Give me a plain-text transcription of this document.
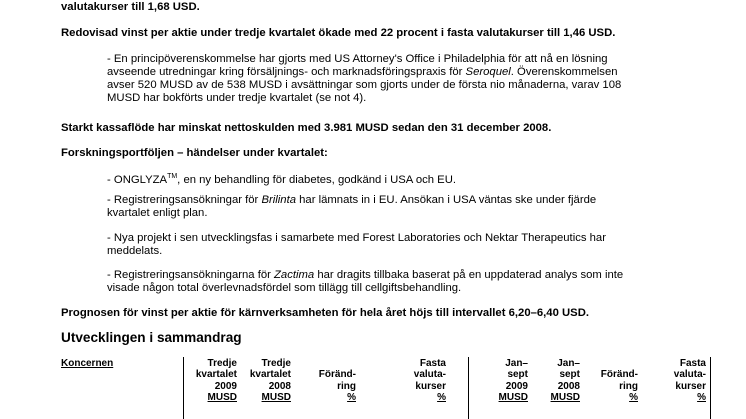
valutakurser till 1,68 USD.
Redovisad vinst per aktie under tredje kvartalet ökade med 22 procent i fasta valutakurser till 1,46 USD.
- En principöverenskommelse har gjorts med US Attorney's Office i Philadelphia för att nå en lösning
avseende utredningar kring försäljnings- och marknadsföringspraxis för Seroquel. Överenskommelsen
avser 520 MUSD av de 538 MUSD i avsättningar som gjorts under de första nio månaderna, varav 108
MUSD har bokförts under tredje kvartalet (se not 4).
Starkt kassaflöde har minskat nettoskulden med 3.981 MUSD sedan den 31 december 2008.
Forskningsportföljen – händelser under kvartalet:
- ONGLYZA™, en ny behandling för diabetes, godkänd i USA och EU.
- Registreringsansökningar för Brilinta har lämnats in i EU. Ansökan i USA väntas ske under fjärde
kvartalet enligt plan.
- Nya projekt i sen utvecklingsfas i samarbete med Forest Laboratories och Nektar Therapeutics har
meddelats.
- Registreringsansökningarna för Zactima har dragits tillbaka baserat på en uppdaterad analys som inte
visade någon total överlevnadsfördel som tillägg till cellgiftsbehandling.
Prognosen för vinst per aktie för kärnverksamheten för hela året höjs till intervallet 6,20–6,40 USD.
Utvecklingen i sammandrag
Koncernen	Tredje
kvartalet
2009
MUSD
Tredje
kvartalet
2008
MUSD

Föränd-
ring
%
Fasta
valuta-
kurser
%
Jan–
sept
2009
MUSD
Jan–
sept
2008
MUSD

Föränd-
ring
%
Fasta
valuta-
kurser
%
